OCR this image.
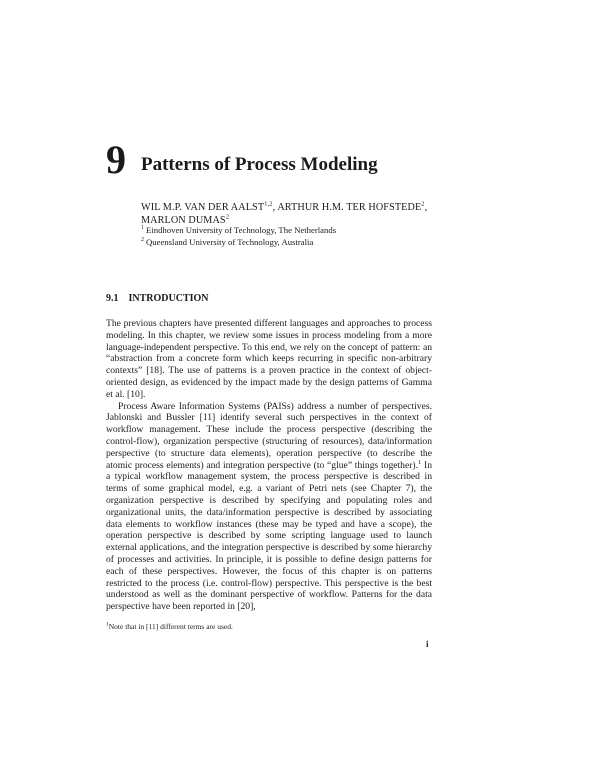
9 Patterns of Process Modeling
WIL M.P. VAN DER AALST$^{1,2}$, ARTHUR H.M. TER HOFSTEDE$^2$,
MARLON DUMAS$^2$
$^1$ Eindhoven University of Technology, The Netherlands
$^2$ Queensland University of Technology, Australia
9.1 INTRODUCTION

The previous chapters have presented different languages and approaches to process modeling. In this chapter, we review some issues in process modeling from a more language-independent perspective. To this end, we rely on the concept of pattern: an “abstraction from a concrete form which keeps recurring in specific non-arbitrary contexts” [18]. The use of patterns is a proven practice in the context of object-oriented design, as evidenced by the impact made by the design patterns of Gamma et al. [10].

Process Aware Information Systems (PAISs) address a number of perspectives. Jablonski and Bussler [11] identify several such perspectives in the context of workflow management. These include the process perspective (describing the control-flow), organization perspective (structuring of resources), data/information perspective (to structure data elements), operation perspective (to describe the atomic process elements) and integration perspective (to “glue” things together).$^1$ In a typical workflow management system, the process perspective is described in terms of some graphical model, e.g. a variant of Petri nets (see Chapter 7), the organization perspective is described by specifying and populating roles and organizational units, the data/information perspective is described by associating data elements to workflow instances (these may be typed and have a scope), the operation perspective is described by some scripting language used to launch external applications, and the integration perspective is described by some hierarchy of processes and activities. In principle, it is possible to define design patterns for each of these perspectives. However, the focus of this chapter is on patterns restricted to the process (i.e. control-flow) perspective. This perspective is the best understood as well as the dominant perspective of workflow. Patterns for the data perspective have been reported in [20],

$^1$Note that in [11] different terms are used.
i
